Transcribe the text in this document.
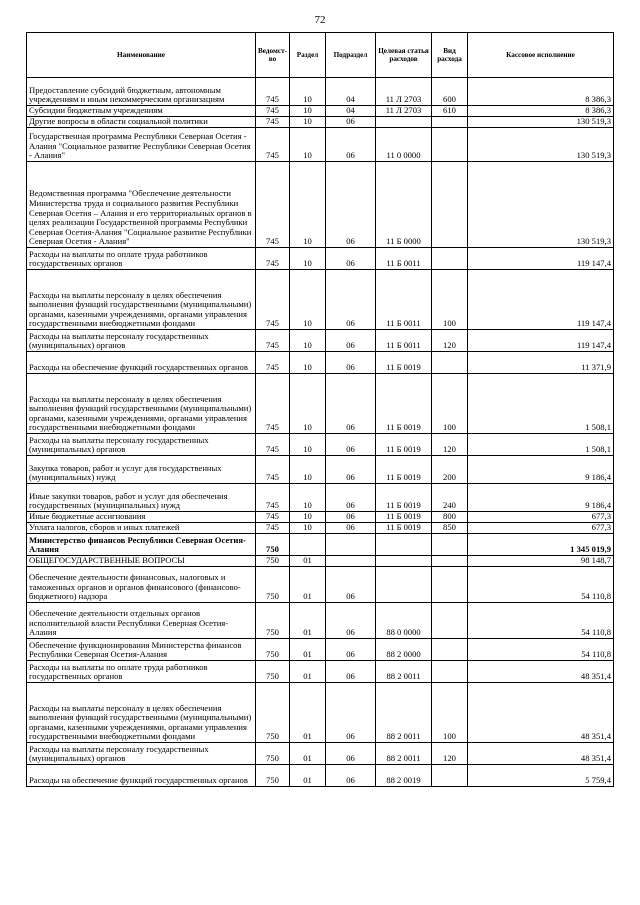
72
Наименование	Ведомст-во	Раздел	Подраздел	Целевая статья расходов	Вид расхода	Кассовое исполнение
Предоставление субсидий бюджетным, автономным учреждениям и иным некоммерческим организациям	745	10	04	11 Л 2703	600	8 386,3
Субсидии бюджетным учреждениям	745	10	04	11 Л 2703	610	8 386,3
Другие вопросы в области социальной политики	745	10	06			130 519,3
Государственная программа Республики Северная Осетия - Алания "Социальное развитие Республики Северная Осетия - Алания"	745	10	06	11 0 0000		130 519,3
Ведомственная программа "Обеспечение деятельности Министерства труда и социального развития Республики Северная Осетия – Алания и его территориальных органов в целях реализации Государственной программы Республики Северная Осетия-Алания "Социальное развитие Республики Северная Осетия - Алания"	745	10	06	11 Б 0000		130 519,3
Расходы на выплаты по оплате труда работников государственных органов	745	10	06	11 Б 0011		119 147,4
Расходы на выплаты персоналу в целях обеспечения выполнения функций государственными (муниципальными) органами, казенными учреждениями, органами управления государственными внебюджетными фондами	745	10	06	11 Б 0011	100	119 147,4
Расходы на выплаты персоналу государственных (муниципальных) органов	745	10	06	11 Б 0011	120	119 147,4
Расходы на обеспечение функций государственных органов	745	10	06	11 Б 0019		11 371,9
Расходы на выплаты персоналу в целях обеспечения выполнения функций государственными (муниципальными) органами, казенными учреждениями, органами управления государственными внебюджетными фондами	745	10	06	11 Б 0019	100	1 508,1
Расходы на выплаты персоналу государственных (муниципальных) органов	745	10	06	11 Б 0019	120	1 508,1
Закупка товаров, работ и услуг для государственных (муниципальных) нужд	745	10	06	11 Б 0019	200	9 186,4
Иные закупки товаров, работ и услуг для обеспечения государственных (муниципальных) нужд	745	10	06	11 Б 0019	240	9 186,4
Иные бюджетные ассигнования	745	10	06	11 Б 0019	800	677,3
Уплата налогов, сборов и иных платежей	745	10	06	11 Б 0019	850	677,3
Министерство финансов Республики Северная Осетия-Алания	750					1 345 019,9
ОБЩЕГОСУДАРСТВЕННЫЕ ВОПРОСЫ	750	01				98 148,7
Обеспечение деятельности финансовых, налоговых и таможенных органов и органов финансового (финансово-бюджетного) надзора	750	01	06			54 110,8
Обеспечение деятельности отдельных органов исполнительной власти Республики Северная Осетия-Алания	750	01	06	88 0 0000		54 110,8
Обеспечение функционирования Министерства финансов Республики Северная Осетия-Алания	750	01	06	88 2 0000		54 110,8
Расходы на выплаты по оплате труда работников государственных органов	750	01	06	88 2 0011		48 351,4
Расходы на выплаты персоналу в целях обеспечения выполнения функций государственными (муниципальными) органами, казенными учреждениями, органами управления государственными внебюджетными фондами	750	01	06	88 2 0011	100	48 351,4
Расходы на выплаты персоналу государственных (муниципальных) органов	750	01	06	88 2 0011	120	48 351,4
Расходы на обеспечение функций государственных органов	750	01	06	88 2 0019		5 759,4
